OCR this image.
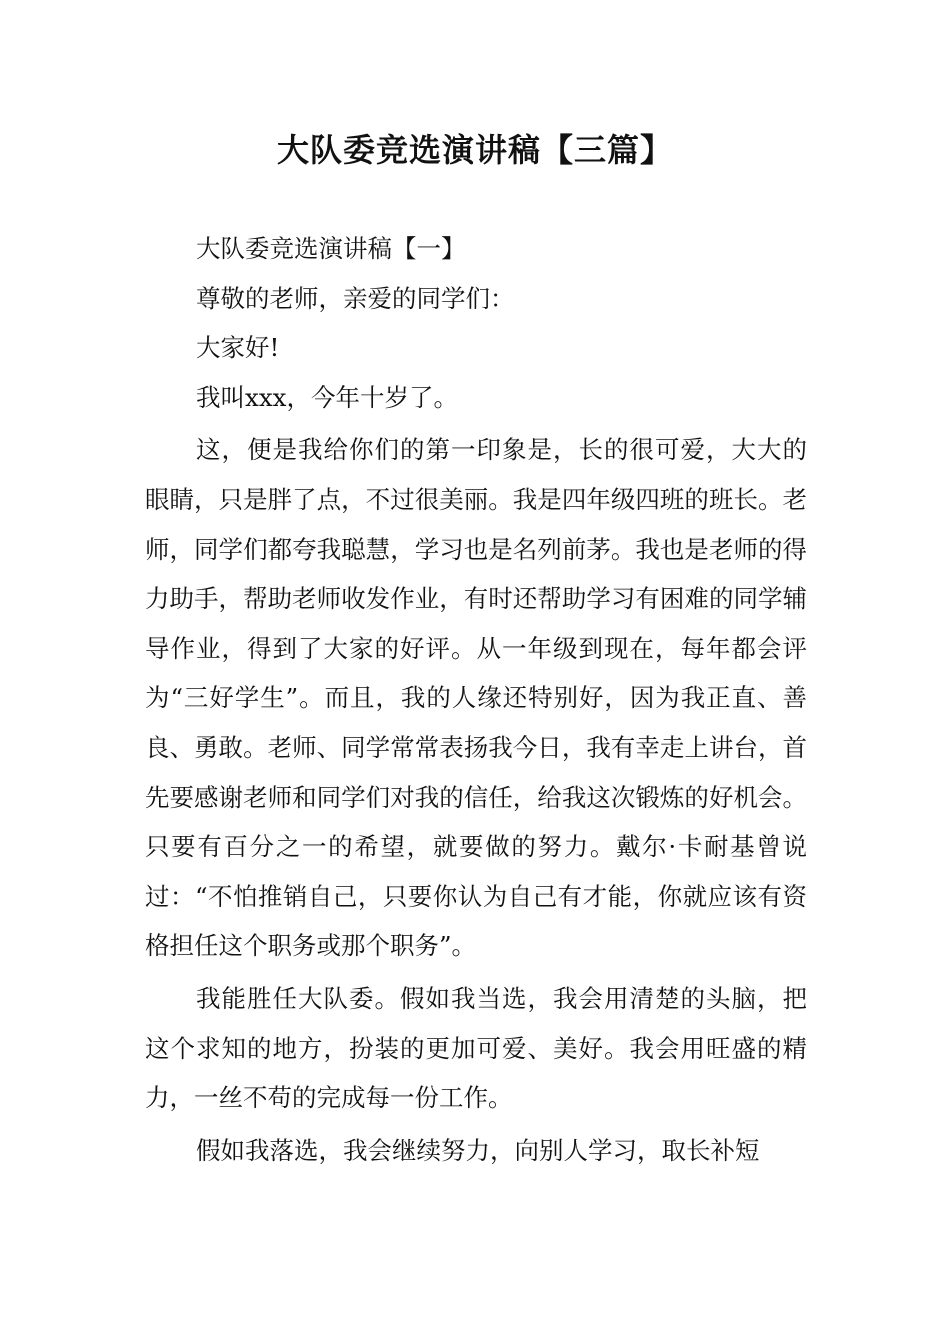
大队委竞选演讲稿【三篇】

大队委竞选演讲稿【一】

尊敬的老师，亲爱的同学们：

大家好!

我叫xxx，今年十岁了。

这，便是我给你们的第一印象是，长的很可爱，大大的眼睛，只是胖了点，不过很美丽。我是四年级四班的班长。老师，同学们都夸我聪慧，学习也是名列前茅。我也是老师的得力助手，帮助老师收发作业，有时还帮助学习有困难的同学辅导作业，得到了大家的好评。从一年级到现在，每年都会评为“三好学生”。而且，我的人缘还特别好，因为我正直、善良、勇敢。老师、同学常常表扬我今日，我有幸走上讲台，首先要感谢老师和同学们对我的信任，给我这次锻炼的好机会。只要有百分之一的希望，就要做的努力。戴尔·卡耐基曾说过：“不怕推销自己，只要你认为自己有才能，你就应该有资格担任这个职务或那个职务”。

我能胜任大队委。假如我当选，我会用清楚的头脑，把这个求知的地方，扮装的更加可爱、美好。我会用旺盛的精力，一丝不苟的完成每一份工作。

假如我落选，我会继续努力，向别人学习，取长补短
